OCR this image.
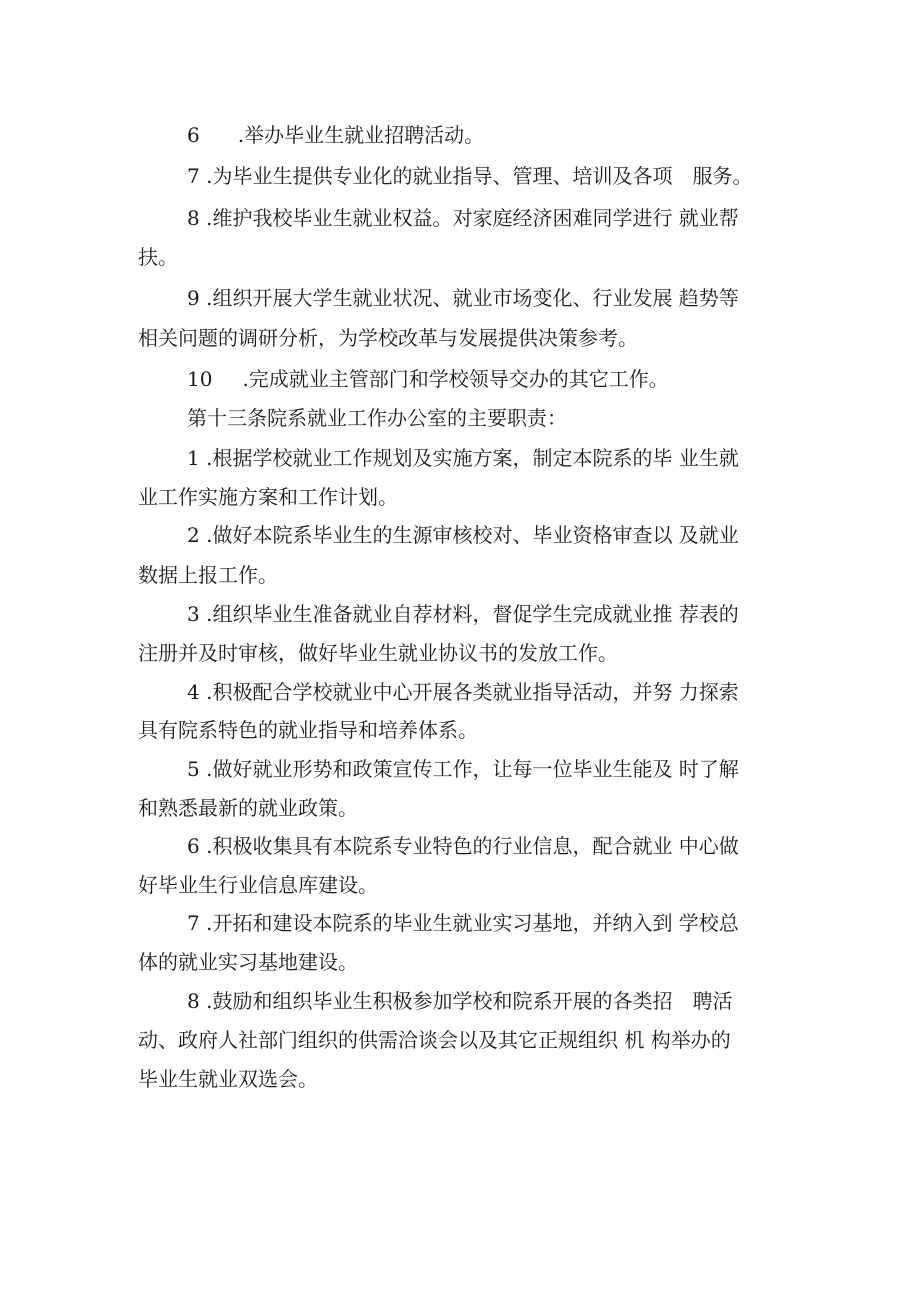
6 .举办毕业生就业招聘活动。
7 .为毕业生提供专业化的就业指导、管理、培训及各项　服务。
8 .维护我校毕业生就业权益。对家庭经济困难同学进行 就业帮
扶。
9 .组织开展大学生就业状况、就业市场变化、行业发展 趋势等
相关问题的调研分析，为学校改革与发展提供决策参考。
10 .完成就业主管部门和学校领导交办的其它工作。
第十三条院系就业工作办公室的主要职责：
1 .根据学校就业工作规划及实施方案，制定本院系的毕 业生就
业工作实施方案和工作计划。
2 .做好本院系毕业生的生源审核校对、毕业资格审查以 及就业
数据上报工作。
3 .组织毕业生准备就业自荐材料，督促学生完成就业推 荐表的
注册并及时审核，做好毕业生就业协议书的发放工作。
4 .积极配合学校就业中心开展各类就业指导活动，并努 力探索
具有院系特色的就业指导和培养体系。
5 .做好就业形势和政策宣传工作，让每一位毕业生能及 时了解
和熟悉最新的就业政策。
6 .积极收集具有本院系专业特色的行业信息，配合就业 中心做
好毕业生行业信息库建设。
7 .开拓和建设本院系的毕业生就业实习基地，并纳入到 学校总
体的就业实习基地建设。
8 .鼓励和组织毕业生积极参加学校和院系开展的各类招　聘活
动、政府人社部门组织的供需洽谈会以及其它正规组织 机 构举办的
毕业生就业双选会。
